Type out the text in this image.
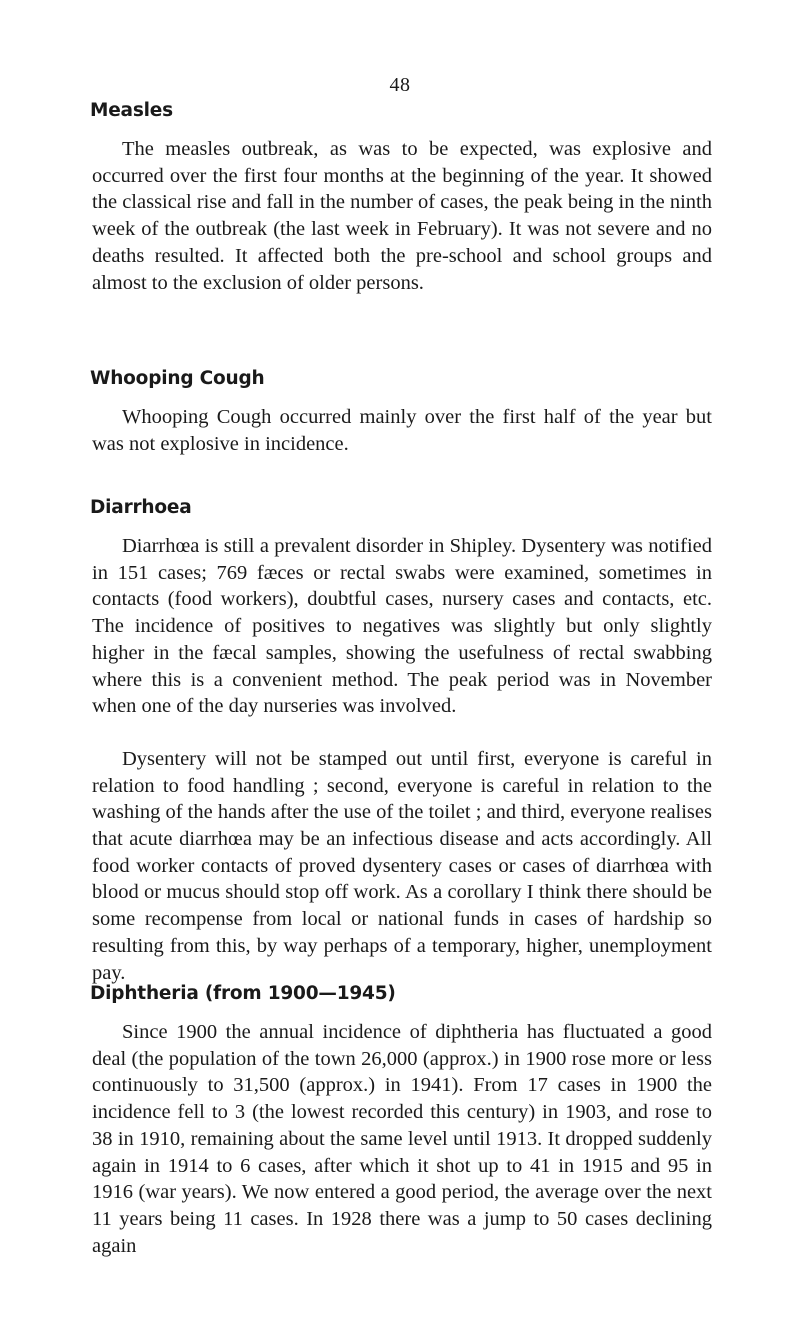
48
Measles

The measles outbreak, as was to be expected, was explosive and occurred over the first four months at the beginning of the year. It showed the classical rise and fall in the number of cases, the peak being in the ninth week of the outbreak (the last week in February). It was not severe and no deaths resulted. It affected both the pre-school and school groups and almost to the exclusion of older persons.

Whooping Cough

Whooping Cough occurred mainly over the first half of the year but was not explosive in incidence.

Diarrhoea

Diarrhœa is still a prevalent disorder in Shipley. Dysentery was notified in 151 cases; 769 fæces or rectal swabs were examined, sometimes in contacts (food workers), doubtful cases, nursery cases and contacts, etc. The incidence of positives to negatives was slightly but only slightly higher in the fæcal samples, showing the usefulness of rectal swabbing where this is a convenient method. The peak period was in November when one of the day nurseries was involved.

Dysentery will not be stamped out until first, everyone is careful in relation to food handling ; second, everyone is careful in relation to the washing of the hands after the use of the toilet ; and third, everyone realises that acute diarrhœa may be an infectious disease and acts accordingly. All food worker contacts of proved dysentery cases or cases of diarrhœa with blood or mucus should stop off work. As a corollary I think there should be some recompense from local or national funds in cases of hardship so resulting from this, by way perhaps of a temporary, higher, unemployment pay.

Diphtheria (from 1900—1945)

Since 1900 the annual incidence of diphtheria has fluctuated a good deal (the population of the town 26,000 (approx.) in 1900 rose more or less continuously to 31,500 (approx.) in 1941). From 17 cases in 1900 the incidence fell to 3 (the lowest recorded this century) in 1903, and rose to 38 in 1910, remaining about the same level until 1913. It dropped suddenly again in 1914 to 6 cases, after which it shot up to 41 in 1915 and 95 in 1916 (war years). We now entered a good period, the average over the next 11 years being 11 cases. In 1928 there was a jump to 50 cases declining again
